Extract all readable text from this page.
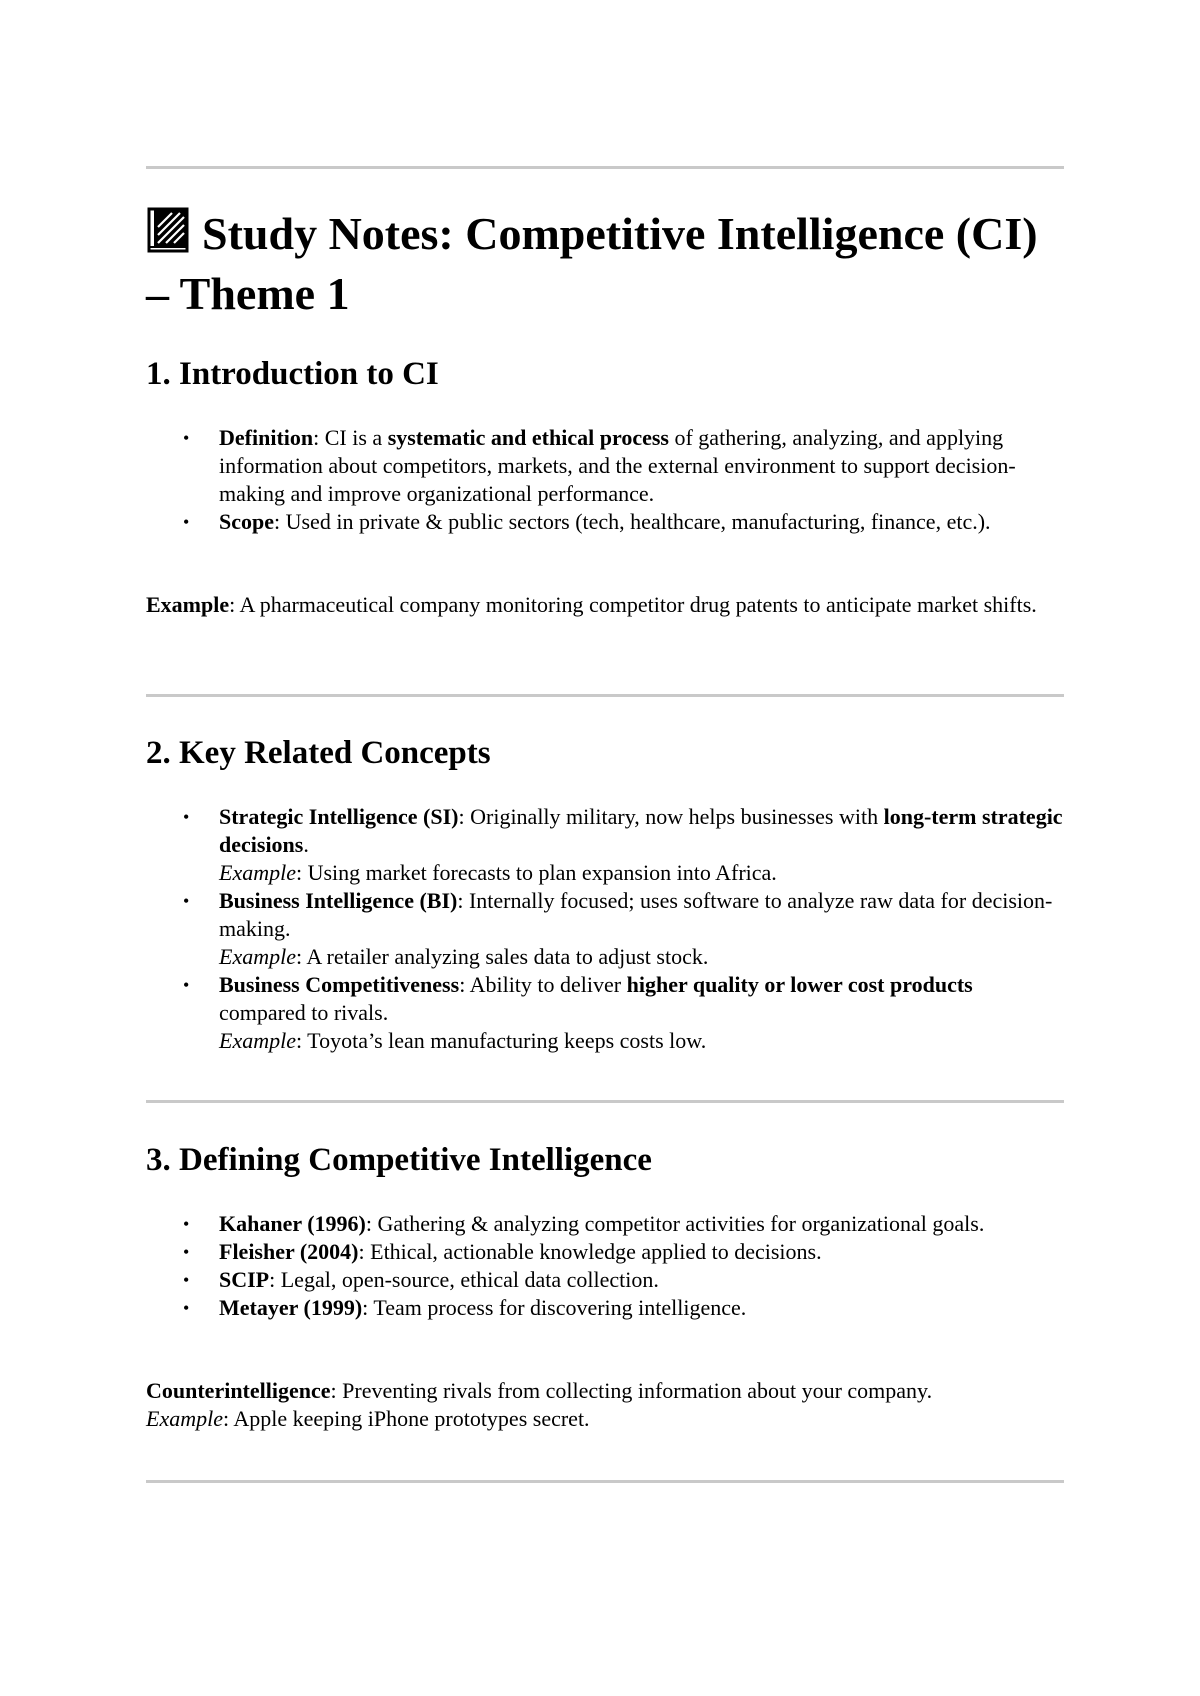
Study Notes: Competitive Intelligence (CI) – Theme 1
1. Introduction to CI
• Definition: CI is a systematic and ethical process of gathering, analyzing, and applying information about competitors, markets, and the external environment to support decision-making and improve organizational performance.
• Scope: Used in private & public sectors (tech, healthcare, manufacturing, finance, etc.).

Example: A pharmaceutical company monitoring competitor drug patents to anticipate market shifts.

2. Key Related Concepts
• Strategic Intelligence (SI): Originally military, now helps businesses with long-term strategic decisions.
Example: Using market forecasts to plan expansion into Africa.
• Business Intelligence (BI): Internally focused; uses software to analyze raw data for decision-making.
Example: A retailer analyzing sales data to adjust stock.
• Business Competitiveness: Ability to deliver higher quality or lower cost products compared to rivals.
Example: Toyota’s lean manufacturing keeps costs low.
3. Defining Competitive Intelligence
• Kahaner (1996): Gathering & analyzing competitor activities for organizational goals.
• Fleisher (2004): Ethical, actionable knowledge applied to decisions.
• SCIP: Legal, open-source, ethical data collection.
• Metayer (1999): Team process for discovering intelligence.

Counterintelligence: Preventing rivals from collecting information about your company.
Example: Apple keeping iPhone prototypes secret.
